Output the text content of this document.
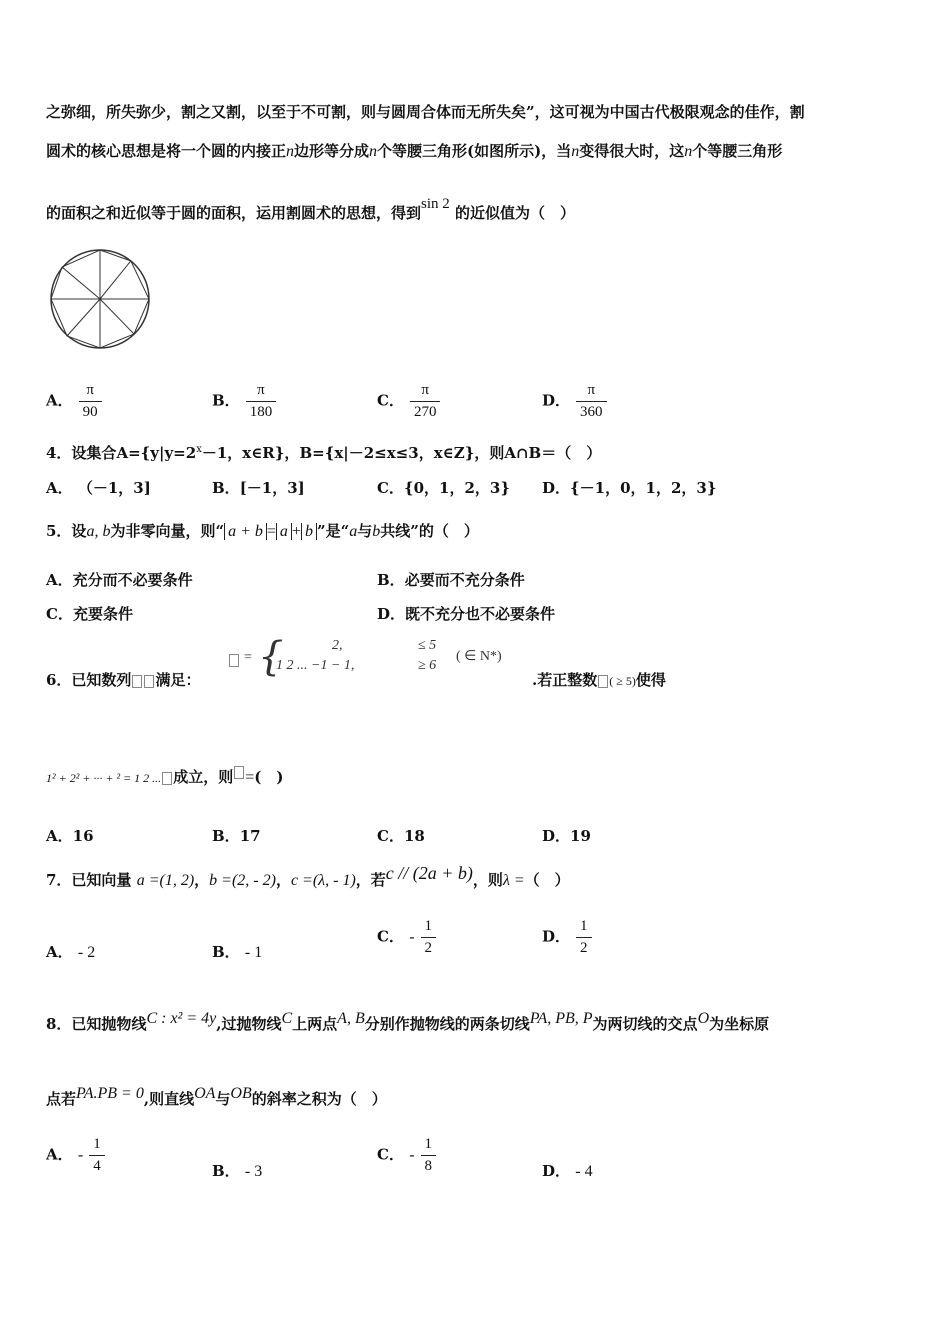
之弥细，所失弥少，割之又割，以至于不可割，则与圆周合体而无所失矣”，这可视为中国古代极限观念的佳作，割
圆术的核心思想是将一个圆的内接正n边形等分成n个等腰三角形(如图所示)，当n变得很大时，这n个等腰三角形
的面积之和近似等于圆的面积，运用割圆术的思想，得到sin 2 的近似值为（　）
A． $\frac{\pi}{90}$	B． $\frac{\pi}{180}$	C． $\frac{\pi}{270}$	D． $\frac{\pi}{360}$
4．设集合$A=\{y|y=2^x-1$，x∈R}，B={x|－2≤x≤3，x∈Z}，则A∩B＝（　）
A． （－1，3]	B．[－1，3]	C．{0，1，2，3} D．{－1，0，1，2，3}
5．设a, b为非零向量，则“ a + b = a + b ”是“a与b共线”的（　）
A．充分而不必要条件	B．必要而不充分条件
C．充要条件	D．既不充分也不必要条件
6．已知数列 满足：
= {	2,
1 2 ... −1 − 1,
≤ 5
≥ 6
( ∈ N*)
.若正整数 ( ≥ 5)使得
1² + 2² + ··· + ² = 1 2 ... 成立，则 =(　)
A．16	B．17	C．18	D．19
7．已知向量 a =(1, 2)，b =(2, - 2)，c =(λ, - 1)，若c // (2a + b)，则λ =（　）
A． - 2	B． - 1
C． - $\frac{1}{2}$	D． $\frac{1}{2}$
8．已知抛物线C : x² = 4y,过抛物线C上两点A, B分别作抛物线的两条切线PA, PB, P为两切线的交点O为坐标原
点若PA.PB = 0,则直线OA与OB的斜率之积为（　）
A． - $\frac{1}{4}$	B． - 3
C． - $\frac{1}{8}$	D． - 4
